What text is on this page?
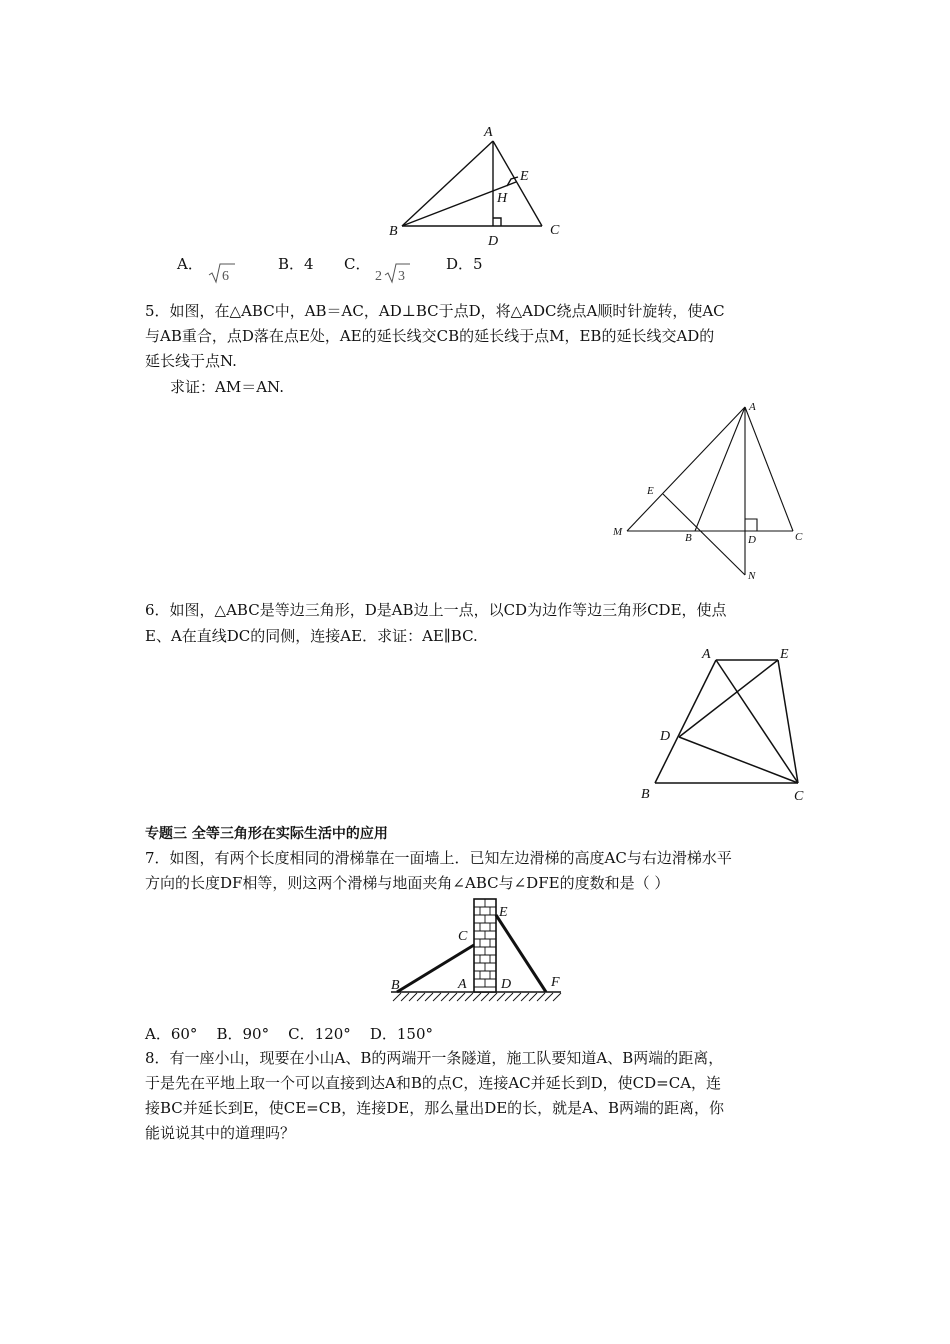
A
E
H
B	C
D
A．
6
B．4 C．
2 3
D．5
5．如图，在△ABC中，AB＝AC，AD⊥BC于点D，将△ADC绕点A顺时针旋转，使AC
与AB重合，点D落在点E处，AE的延长线交CB的延长线于点M，EB的延长线交AD的
延长线于点N.
求证：AM＝AN.
A
E
M	B	D	C
N
6．如图，△ABC是等边三角形，D是AB边上一点，以CD为边作等边三角形CDE，使点
E、A在直线DC的同侧，连接AE．求证：AE∥BC.
A	E
D
B	C
专题三 全等三角形在实际生活中的应用
7．如图，有两个长度相同的滑梯靠在一面墙上．已知左边滑梯的高度AC与右边滑梯水平
方向的长度DF相等，则这两个滑梯与地面夹角∠ABC与∠DFE的度数和是（ ）
B	A
C
D
E
F
A．60°    B．90°    C．120°    D．150°
8．有一座小山，现要在小山A、B的两端开一条隧道，施工队要知道A、B两端的距离，
于是先在平地上取一个可以直接到达A和B的点C，连接AC并延长到D，使CD=CA，连
接BC并延长到E，使CE=CB，连接DE，那么量出DE的长，就是A、B两端的距离，你
能说说其中的道理吗？
